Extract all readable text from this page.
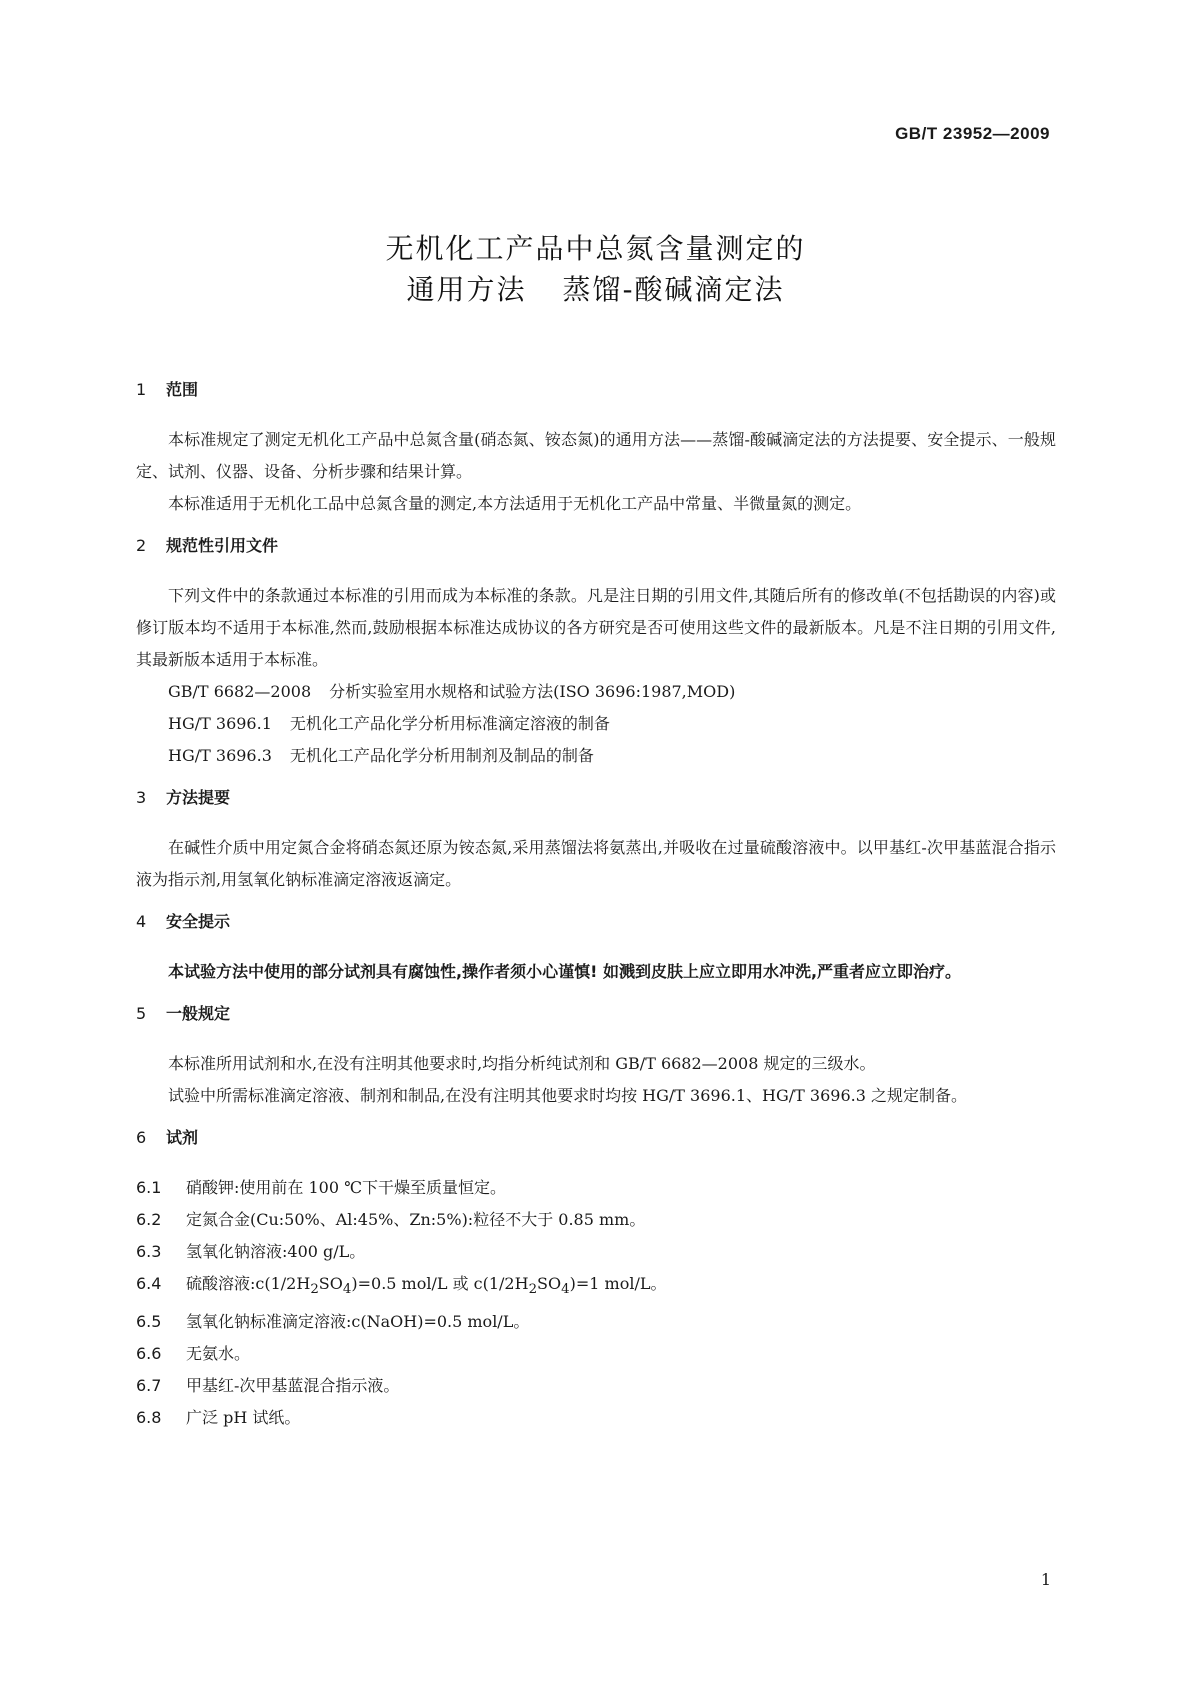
GB/T 23952—2009
无机化工产品中总氮含量测定的
通用方法 蒸馏-酸碱滴定法
1 范围

本标准规定了测定无机化工产品中总氮含量(硝态氮、铵态氮)的通用方法——蒸馏-酸碱滴定法的方法提要、安全提示、一般规定、试剂、仪器、设备、分析步骤和结果计算。

本标准适用于无机化工品中总氮含量的测定,本方法适用于无机化工产品中常量、半微量氮的测定。

2 规范性引用文件

下列文件中的条款通过本标准的引用而成为本标准的条款。凡是注日期的引用文件,其随后所有的修改单(不包括勘误的内容)或修订版本均不适用于本标准,然而,鼓励根据本标准达成协议的各方研究是否可使用这些文件的最新版本。凡是不注日期的引用文件,其最新版本适用于本标准。

GB/T 6682—2008 分析实验室用水规格和试验方法(ISO 3696:1987,MOD)
HG/T 3696.1 无机化工产品化学分析用标准滴定溶液的制备
HG/T 3696.3 无机化工产品化学分析用制剂及制品的制备
3 方法提要

在碱性介质中用定氮合金将硝态氮还原为铵态氮,采用蒸馏法将氨蒸出,并吸收在过量硫酸溶液中。以甲基红-次甲基蓝混合指示液为指示剂,用氢氧化钠标准滴定溶液返滴定。

4 安全提示

本试验方法中使用的部分试剂具有腐蚀性,操作者须小心谨慎! 如溅到皮肤上应立即用水冲洗,严重者应立即治疗。

5 一般规定

本标准所用试剂和水,在没有注明其他要求时,均指分析纯试剂和 GB/T 6682—2008 规定的三级水。

试验中所需标准滴定溶液、制剂和制品,在没有注明其他要求时均按 HG/T 3696.1、HG/T 3696.3 之规定制备。

6 试剂
6.1 硝酸钾:使用前在 100 ℃下干燥至质量恒定。
6.2 定氮合金(Cu:50%、Al:45%、Zn:5%):粒径不大于 0.85 mm。
6.3 氢氧化钠溶液:400 g/L。
6.4 硫酸溶液$:c(1/2H_2SO_4)=0.5$ mol/L 或 $c(1/2H_2SO_4)=1$ mol/L。
6.5 氢氧化钠标准滴定溶液:c(NaOH)=0.5 mol/L。
6.6 无氨水。
6.7 甲基红-次甲基蓝混合指示液。
6.8 广泛 pH 试纸。
1
